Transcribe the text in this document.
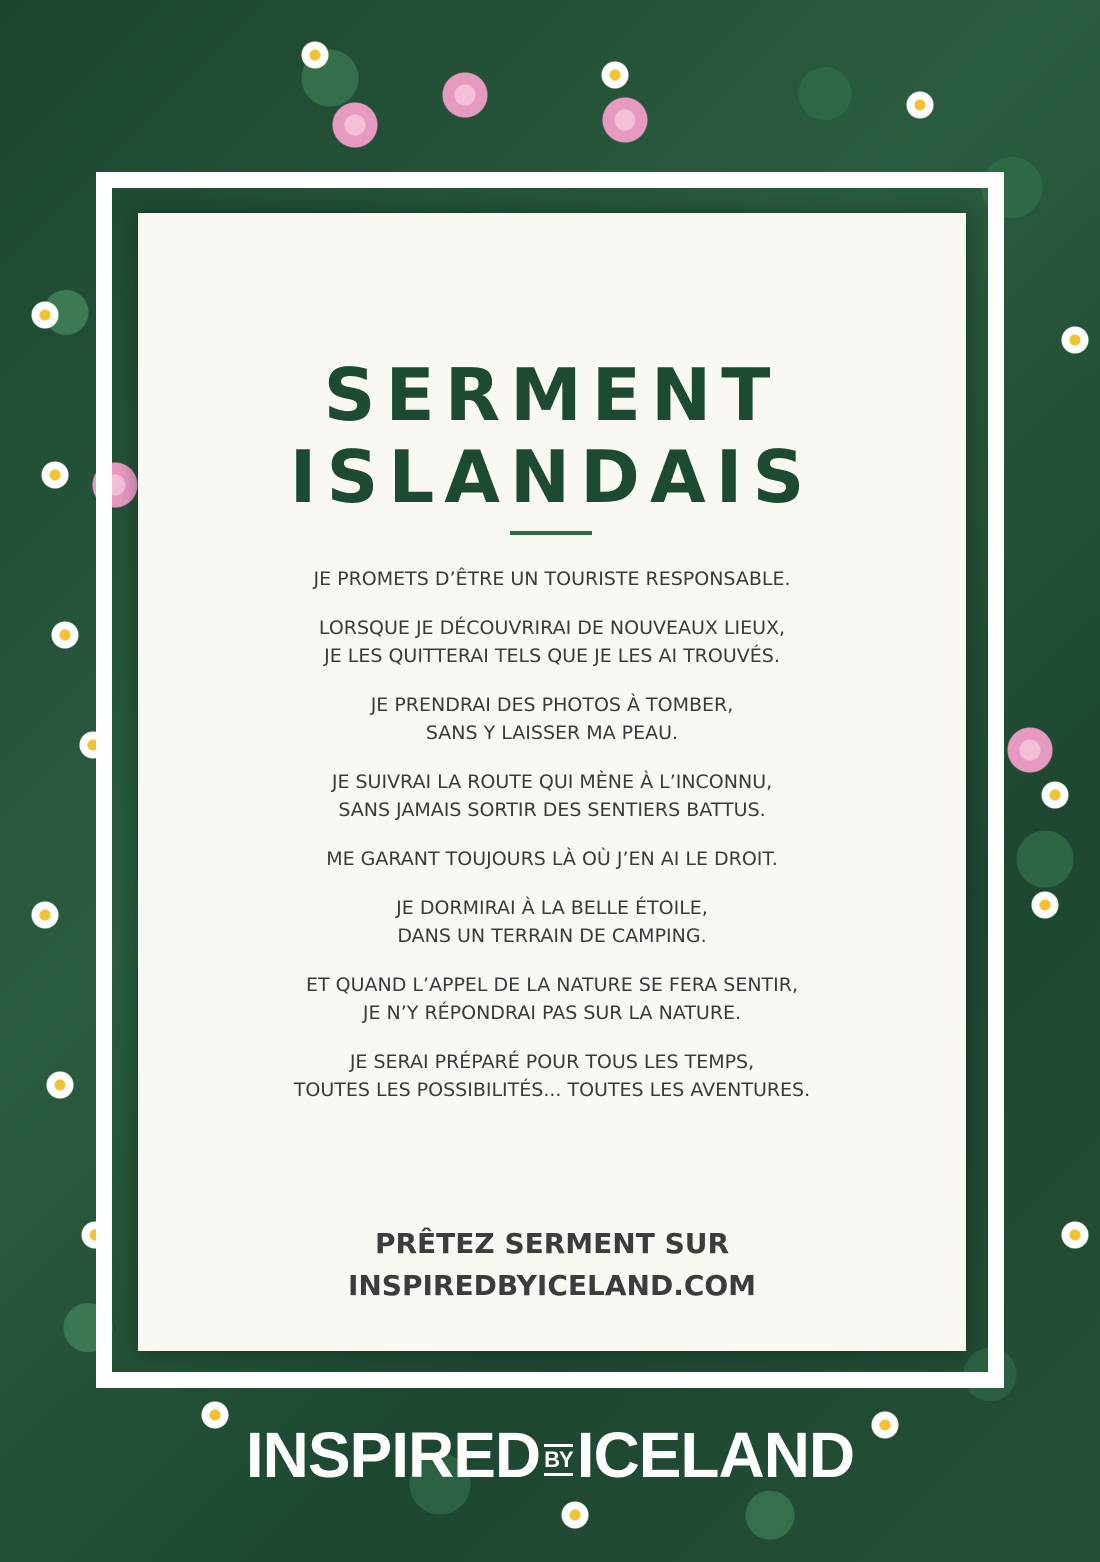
SERMENT
ISLANDAIS
JE PROMETS D’ÊTRE UN TOURISTE RESPONSABLE.
LORSQUE JE DÉCOUVRIRAI DE NOUVEAUX LIEUX,
JE LES QUITTERAI TELS QUE JE LES AI TROUVÉS.
JE PRENDRAI DES PHOTOS À TOMBER,
SANS Y LAISSER MA PEAU.
JE SUIVRAI LA ROUTE QUI MÈNE À L’INCONNU,
SANS JAMAIS SORTIR DES SENTIERS BATTUS.
ME GARANT TOUJOURS LÀ OÙ J’EN AI LE DROIT.
JE DORMIRAI À LA BELLE ÉTOILE,
DANS UN TERRAIN DE CAMPING.
ET QUAND L’APPEL DE LA NATURE SE FERA SENTIR,
JE N’Y RÉPONDRAI PAS SUR LA NATURE.
JE SERAI PRÉPARÉ POUR TOUS LES TEMPS,
TOUTES LES POSSIBILITÉS... TOUTES LES AVENTURES.
PRÊTEZ SERMENT SUR
INSPIREDBYICELAND.COM
INSPIRED BYICELAND
